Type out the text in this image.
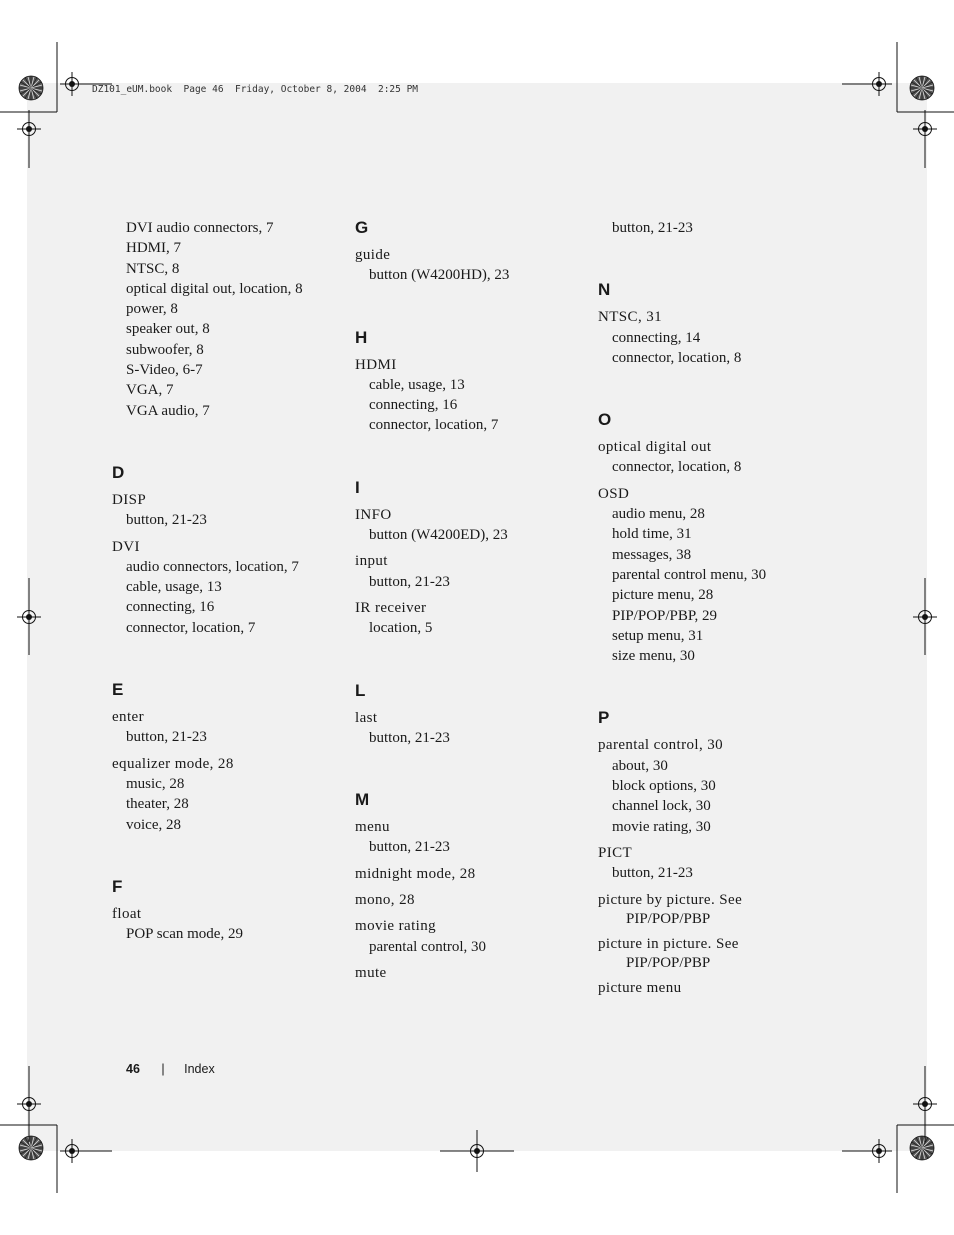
DZ101_eUM.book  Page 46  Friday, October 8, 2004  2:25 PM
DVI audio connectors, 7
HDMI, 7
NTSC, 8
optical digital out, location, 8
power, 8
speaker out, 8
subwoofer, 8
S-Video, 6-7
VGA, 7
VGA audio, 7
D
DISP
button, 21-23
DVI
audio connectors, location, 7
cable, usage, 13
connecting, 16
connector, location, 7
E
enter
button, 21-23
equalizer mode, 28
music, 28
theater, 28
voice, 28
F
float
POP scan mode, 29
G
guide
button (W4200HD), 23
H
HDMI
cable, usage, 13
connecting, 16
connector, location, 7
I
INFO
button (W4200ED), 23
input
button, 21-23
IR receiver
location, 5
L
last
button, 21-23
M
menu
button, 21-23
midnight mode, 28
mono, 28
movie rating
parental control, 30
mute
button, 21-23
N
NTSC, 31
connecting, 14
connector, location, 8
O
optical digital out
connector, location, 8
OSD
audio menu, 28
hold time, 31
messages, 38
parental control menu, 30
picture menu, 28
PIP/POP/PBP, 29
setup menu, 31
size menu, 30
P
parental control, 30
about, 30
block options, 30
channel lock, 30
movie rating, 30
PICT
button, 21-23
picture by picture. See
PIP/POP/PBP
picture in picture. See
PIP/POP/PBP
picture menu
46 | Index
